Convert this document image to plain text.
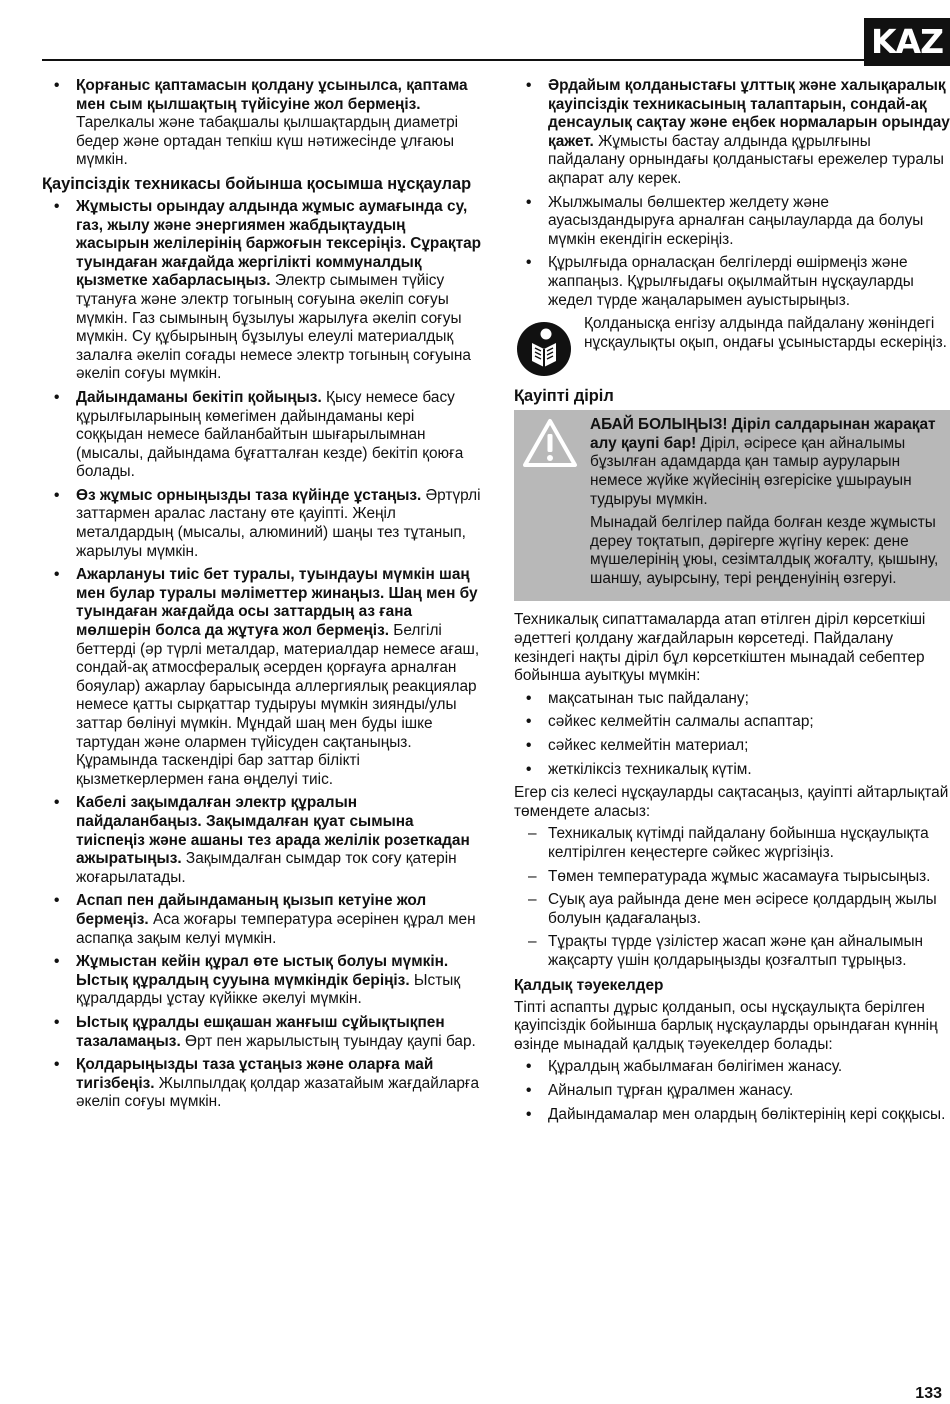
KAZ
• Қорғаныс қаптамасын қолдану ұсынылса, қаптама мен сым қылшақтың түйісуіне жол бермеңіз. Тарелкалы және табақшалы қылшақтардың диаметрі бедер және ортадан тепкіш күш нәтижесінде ұлғаюы мүмкін.
Қауіпсіздік техникасы бойынша қосымша нұсқаулар
• Жұмысты орындау алдында жұмыс аумағында су, газ, жылу және энергиямен жабдықтаудың жасырын желілерінің баржоғын тексеріңіз. Сұрақтар туындаған жағдайда жергілікті коммуналдық қызметке хабарласыңыз. Электр сымымен түйісу тұтануға және электр тогының соғуына әкеліп соғуы мүмкін. Газ сымының бұзылуы жарылуға әкеліп соғуы мүмкін. Су құбырының бұзылуы елеулі материалдық залалға әкеліп соғады немесе электр тогының соғуына әкеліп соғуы мүмкін.
• Дайындаманы бекітіп қойыңыз. Қысу немесе басу құрылғыларының көмегімен дайындаманы кері соққыдан немесе байланбайтын шығарылымнан (мысалы, дайындама бұғатталған кезде) бекітіп қоюға болады.
• Өз жұмыс орныңызды таза күйінде ұстаңыз. Әртүрлі заттармен аралас ластану өте қауіпті. Жеңіл металдардың (мысалы, алюминий) шаңы тез тұтанып, жарылуы мүмкін.
• Ажарлануы тиіс бет туралы, туындауы мүмкін шаң мен булар туралы мәліметтер жинаңыз. Шаң мен бу туындаған жағдайда осы заттардың аз ғана мөлшерін болса да жұтуға жол бермеңіз. Белгілі беттерді (әр түрлі металдар, материалдар немесе ағаш, сондай-ақ атмосфералық әсерден қорғауға арналған бояулар) ажарлау барысында аллергиялық реакциялар немесе қатты сырқаттар тудыруы мүмкін зиянды/улы заттар бөлінуі мүмкін. Мұндай шаң мен буды ішке тартудан және олармен түйісуден сақтаныңыз. Құрамында таскендірі бар заттар білікті қызметкерлермен ғана өңделуі тиіс.
• Кабелі зақымдалған электр құралын пайдаланбаңыз. Зақымдалған қуат сымына тиіспеңіз және ашаны тез арада желілік розеткадан ажыратыңыз. Зақымдалған сымдар ток соғу қатерін жоғарылатады.
• Аспап пен дайындаманың қызып кетуіне жол бермеңіз. Аса жоғары температура әсерінен құрал мен аспапқа зақым келуі мүмкін.
• Жұмыстан кейін құрал өте ыстық болуы мүмкін. Ыстық құралдың сууына мүмкіндік беріңіз. Ыстық құралдарды ұстау күйікке әкелуі мүмкін.
• Ыстық құралды ешқашан жанғыш сұйықтықпен тазаламаңыз. Өрт пен жарылыстың туындау қаупі бар.
• Қолдарыңызды таза ұстаңыз және оларға май тигізбеңіз. Жылпылдақ қолдар жазатайым жағдайларға әкеліп соғуы мүмкін.
• Әрдайым қолданыстағы ұлттық және халықаралық қауіпсіздік техникасының талаптарын, сондай-ақ денсаулық сақтау және еңбек нормаларын орындау қажет. Жұмысты бастау алдында құрылғыны пайдалану орнындағы қолданыстағы ережелер туралы ақпарат алу керек.
• Жылжымалы бөлшектер желдету және ауасыздандыруға арналған саңылауларда да болуы мүмкін екендігін ескеріңіз.
• Құрылғыда орналасқан белгілерді өшірмеңіз және жаппаңыз. Құрылғыдағы оқылмайтын нұсқауларды жедел түрде жаңаларымен ауыстырыңыз.
Қолданысқа енгізу алдында пайдалану жөніндегі нұсқаулықты оқып, ондағы ұсыныстарды ескеріңіз.
Қауіпті діріл

АБАЙ БОЛЫҢЫЗ! Діріл салдарынан жарақат алу қаупі бар! Діріл, әсіресе қан айналымы бұзылған адамдарда қан тамыр ауруларын немесе жүйке жүйесінің өзгерісіке ұшырауын тудыруы мүмкін.

Мынадай белгілер пайда болған кезде жұмысты дереу тоқтатып, дәрігерге жүгіну керек: дене мүшелерінің ұюы, сезімталдық жоғалту, қышыну, шаншу, ауырсыну, тері реңденуінің өзгеруі.

Техникалық сипаттамаларда атап өтілген діріл көрсеткіші әдеттегі қолдану жағдайларын көрсетеді. Пайдалану кезіндегі нақты діріл бұл көрсеткіштен мынадай себептер бойынша ауытқуы мүмкін:

• мақсатынан тыс пайдалану;
• сәйкес келмейтін салмалы аспаптар;
• сәйкес келмейтін материал;
• жеткіліксіз техникалық күтім.

Егер сіз келесі нұсқауларды сақтасаңыз, қауіпті айтарлықтай төмендете аласыз:

– Техникалық күтімді пайдалану бойынша нұсқаулықта келтірілген кеңестерге сәйкес жүргізіңіз.
– Төмен температурада жұмыс жасамауға тырысыңыз.
– Суық ауа райында дене мен әсіресе қолдардың жылы болуын қадағалаңыз.
– Тұрақты түрде үзілістер жасап және қан айналымын жақсарту үшін қолдарыңызды қозғалтып тұрыңыз.
Қалдық тәуекелдер

Тіпті аспапты дұрыс қолданып, осы нұсқаулықта берілген қауіпсіздік бойынша барлық нұсқауларды орындаған күннің өзінде мынадай қалдық тәуекелдер болады:

• Құралдың жабылмаған бөлігімен жанасу.
• Айналып тұрған құралмен жанасу.
• Дайындамалар мен олардың бөліктерінің кері соққысы.
133
